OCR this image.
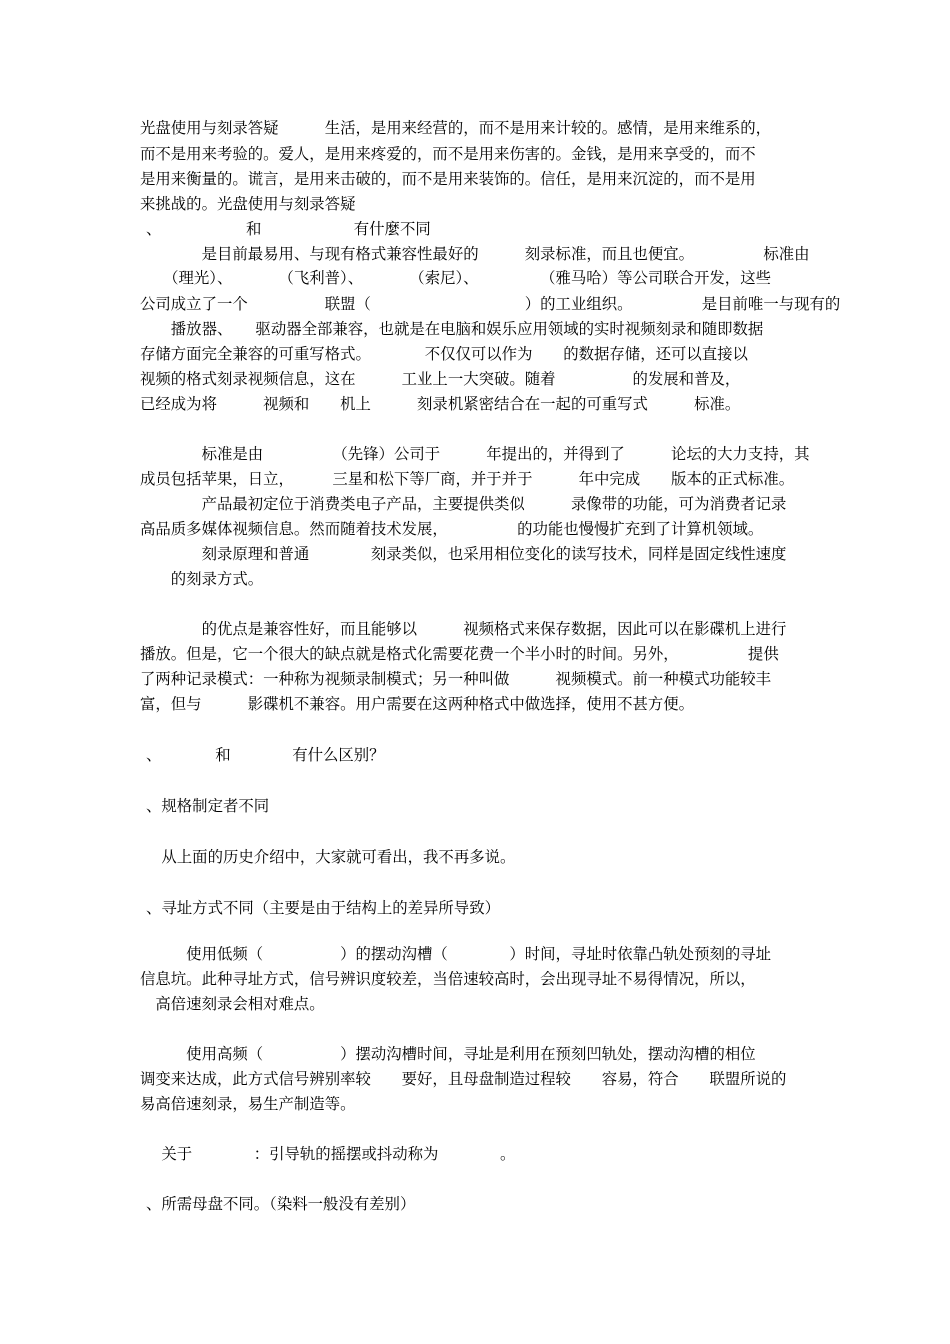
光盘使用与刻录答疑　　　生活，是用来经营的，而不是用来计较的。感情，是用来维系的，
而不是用来考验的。爱人，是用来疼爱的，而不是用来伤害的。金钱，是用来享受的，而不
是用来衡量的。谎言，是用来击破的，而不是用来装饰的。信任，是用来沉淀的，而不是用
来挑战的。光盘使用与刻录答疑
、　　　　　　和　　　　　　有什麼不同
　　　　是目前最易用、与现有格式兼容性最好的　　　刻录标准，而且也便宜。　　　　　标准由
　　（理光）、　　　　（飞利普）、　　　　（索尼）、　　　　　（雅马哈）等公司联合开发，这些
公司成立了一个　　　　　联盟（　　　　　　　　　　）的工业组织。　　　　　是目前唯一与现有的
　　播放器、　　驱动器全部兼容，也就是在电脑和娱乐应用领域的实时视频刻录和随即数据
存储方面完全兼容的可重写格式。　　　　不仅仅可以作为　　的数据存储，还可以直接以
视频的格式刻录视频信息，这在　　　工业上一大突破。随着　　　　　的发展和普及，
已经成为将　　　视频和　　机上　　　刻录机紧密结合在一起的可重写式　　　标准。
　　　　标准是由　　　　　（先锋）公司于　　　年提出的，并得到了　　　论坛的大力支持，其
成员包括苹果，日立，　　　三星和松下等厂商，并于并于　　　年中完成　　版本的正式标准。
　　　　产品最初定位于消费类电子产品，主要提供类似　　　录像带的功能，可为消费者记录
高品质多媒体视频信息。然而随着技术发展，　　　　　的功能也慢慢扩充到了计算机领域。
　　　　刻录原理和普通　　　　刻录类似，也采用相位变化的读写技术，同样是固定线性速度
　　的刻录方式。
　　　　的优点是兼容性好，而且能够以　　　视频格式来保存数据，因此可以在影碟机上进行
播放。但是，它一个很大的缺点就是格式化需要花费一个半小时的时间。另外，　　　　　提供
了两种记录模式：一种称为视频录制模式；另一种叫做　　　视频模式。前一种模式功能较丰
富，但与　　　影碟机不兼容。用户需要在这两种格式中做选择，使用不甚方便。
、　　　　和　　　　有什么区别？
、规格制定者不同
　从上面的历史介绍中，大家就可看出，我不再多说。
、寻址方式不同（主要是由于结构上的差异所导致）
　　　使用低频（　　　　　）的摆动沟槽（　　　　）时间，寻址时依靠凸轨处预刻的寻址
信息坑。此种寻址方式，信号辨识度较差，当倍速较高时，会出现寻址不易得情况，所以，
　高倍速刻录会相对难点。
　　　使用高频（　　　　　）摆动沟槽时间，寻址是利用在预刻凹轨处，摆动沟槽的相位
调变来达成，此方式信号辨别率较　　要好，且母盘制造过程较　　容易，符合　　联盟所说的
易高倍速刻录，易生产制造等。
　关于　　　　：引导轨的摇摆或抖动称为　　　　。
、所需母盘不同。（染料一般没有差别）
